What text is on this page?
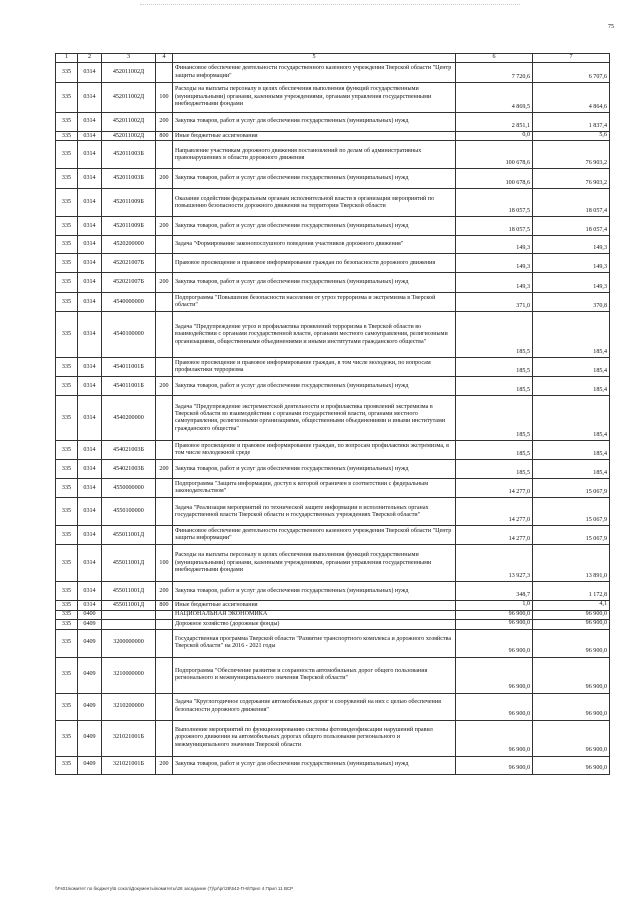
75
1	2	3	4	5	6	7
335	0314	452011002Д		Финансовое обеспечение деятельности государственного казенного учреждения Тверской области "Центр защиты информации"	7 720,6	6 707,6
335	0314	452011002Д	100	Расходы на выплаты персоналу в целях обеспечения выполнения функций государственными (муниципальными) органами, казенными учреждениями, органами управления государственными внебюджетными фондами	4 869,5	4 864,6
335	0314	452011002Д	200	Закупка товаров, работ и услуг для обеспечения государственных (муниципальных) нужд	2 851,1	1 837,4
335	0314	452011002Д	800	Иные бюджетные ассигнования	0,0	5,6
335	0314	452011003Б		Направление участникам дорожного движения постановлений по делам об административных правонарушениях в области дорожного движения	100 678,6	76 903,2
335	0314	452011003Б	200	Закупка товаров, работ и услуг для обеспечения государственных (муниципальных) нужд	100 678,6	76 903,2
335	0314	452011009Б		Оказание содействия федеральным органам исполнительной власти в организации мероприятий по повышению безопасности дорожного движения на территории Тверской области	18 057,5	18 057,4
335	0314	452011009Б	200	Закупка товаров, работ и услуг для обеспечения государственных (муниципальных) нужд	18 057,5	18 057,4
335	0314	4520200000		Задача "Формирование законопослушного поведения участников дорожного движения"	149,3	149,3
335	0314	452021007Б		Правовое просвещение и правовое информирование граждан по безопасности дорожного движения	149,3	149,3
335	0314	452021007Б	200	Закупка товаров, работ и услуг для обеспечения государственных (муниципальных) нужд	149,3	149,3
335	0314	4540000000		Подпрограмма "Повышение безопасности населения от угроз терроризма и экстремизма в Тверской области"	371,0	370,8
335	0314	4540100000		Задача "Предупреждение угроз и профилактика проявлений терроризма в Тверской области во взаимодействии с органами государственной власти, органами местного самоуправления, религиозными организациями, общественными объединениями и иными институтами гражданского общества"	185,5	185,4
335	0314	454011001Б		Правовое просвещение и правовое информирование граждан, в том числе молодежи, по вопросам профилактики терроризма	185,5	185,4
335	0314	454011001Б	200	Закупка товаров, работ и услуг для обеспечения государственных (муниципальных) нужд	185,5	185,4
335	0314	4540200000		Задача "Предупреждение экстремистской деятельности и профилактика проявлений экстремизма в Тверской области во взаимодействии с органами государственной власти, органами местного самоуправления, религиозными организациями, общественными объединениями и иными институтами гражданского общества"	185,5	185,4
335	0314	454021003Б		Правовое просвещение и правовое информирование граждан, по вопросам профилактики экстремизма, в том числе молодежной среде	185,5	185,4
335	0314	454021003Б	200	Закупка товаров, работ и услуг для обеспечения государственных (муниципальных) нужд	185,5	185,4
335	0314	4550000000		Подпрограмма "Защита информации, доступ к которой ограничен в соответствии с федеральным законодательством"	14 277,0	15 067,9
335	0314	4550100000		Задача "Реализация мероприятий по технической защите информации в исполнительных органах государственной власти Тверской области и государственных учреждениях Тверской области"	14 277,0	15 067,9
335	0314	455011001Д		Финансовое обеспечение деятельности государственного казенного учреждения Тверской области "Центр защиты информации"	14 277,0	15 067,9
335	0314	455011001Д	100	Расходы на выплаты персоналу в целях обеспечения выполнения функций государственными (муниципальными) органами, казенными учреждениями, органами управления государственными внебюджетными фондами	13 927,3	13 891,0
335	0314	455011001Д	200	Закупка товаров, работ и услуг для обеспечения государственных (муниципальных) нужд	348,7	1 172,8
335	0314	455011001Д	800	Иные бюджетные ассигнования	1,0	4,1
335	0400			НАЦИОНАЛЬНАЯ ЭКОНОМИКА	96 900,0	96 900,0
335	0409			Дорожное хозяйство (дорожные фонды)	96 900,0	96 900,0
335	0409	3200000000		Государственная программа Тверской области "Развитие транспортного комплекса и дорожного хозяйства Тверской области" на 2016 - 2021 годы	96 900,0	96 900,0
335	0409	3210000000		Подпрограмма "Обеспечение развития и сохранности автомобильных дорог общего пользования регионального и межмуниципального значения Тверской области"	96 900,0	96 900,0
335	0409	3210200000		Задача "Круглогодичное содержание автомобильных дорог и сооружений на них с целью обеспечения безопасности дорожного движения"	96 900,0	96 900,0
335	0409	321021001Б		Выполнение мероприятий по функционированию системы фотовидеофиксации нарушений правил дорожного движения на автомобильных дорогах общего пользования регионального и межмуниципального значения Тверской области	96 900,0	96 900,0
335	0409	321021001Б	200	Закупка товаров, работ и услуг для обеспечения государственных (муниципальных) нужд	96 900,0	96 900,0
\\Fs01\комитет по бюджету\Б сокол\Документы\комитеты\28 заседание (7)\pr\pr\28\542-П-6\Прил 4 Прил 11 ВСР
